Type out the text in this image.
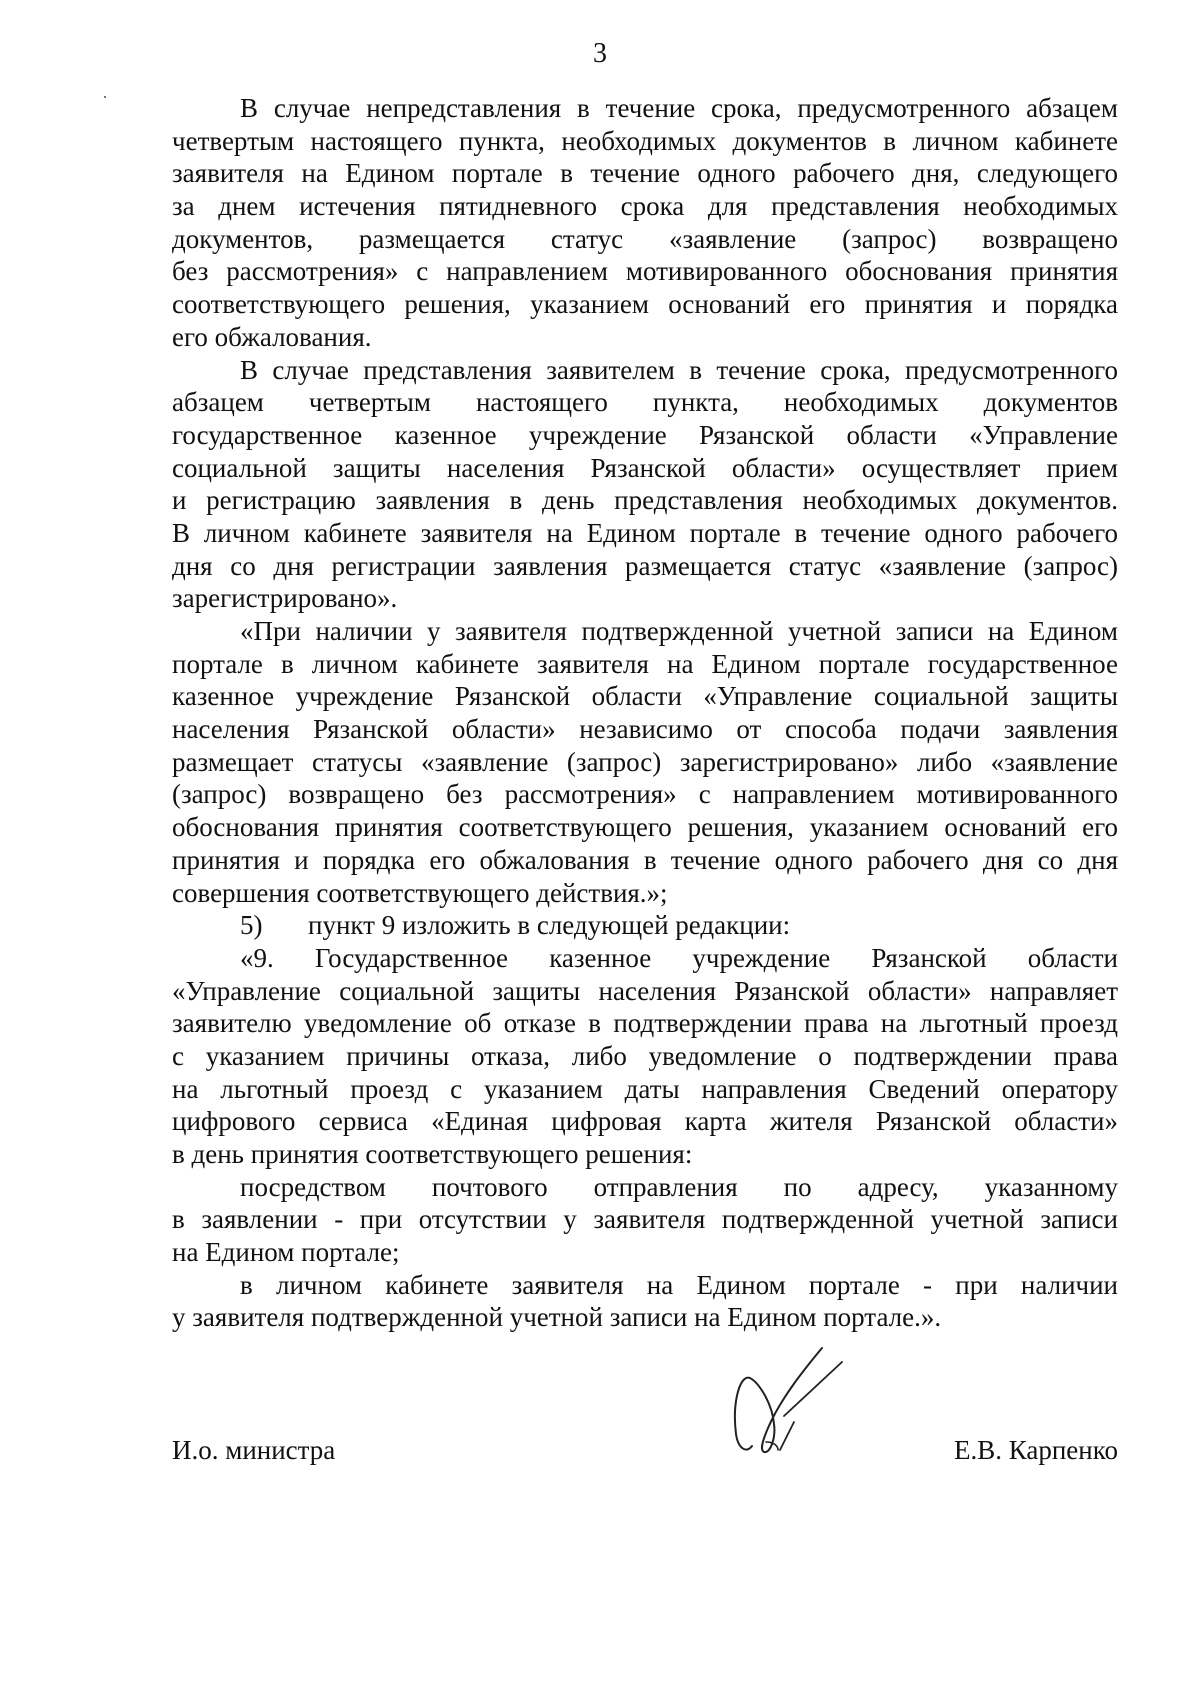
3
В случае непредставления в течение срока, предусмотренного абзацем
четвертым настоящего пункта, необходимых документов в личном кабинете
заявителя на Едином портале в течение одного рабочего дня, следующего
за днем истечения пятидневного срока для представления необходимых
документов, размещается статус «заявление (запрос) возвращено
без рассмотрения» с направлением мотивированного обоснования принятия
соответствующего решения, указанием оснований его принятия и порядка
его обжалования.
В случае представления заявителем в течение срока, предусмотренного
абзацем четвертым настоящего пункта, необходимых документов
государственное казенное учреждение Рязанской области «Управление
социальной защиты населения Рязанской области» осуществляет прием
и регистрацию заявления в день представления необходимых документов.
В личном кабинете заявителя на Едином портале в течение одного рабочего
дня со дня регистрации заявления размещается статус «заявление (запрос)
зарегистрировано».
«При наличии у заявителя подтвержденной учетной записи на Едином
портале в личном кабинете заявителя на Едином портале государственное
казенное учреждение Рязанской области «Управление социальной защиты
населения Рязанской области» независимо от способа подачи заявления
размещает статусы «заявление (запрос) зарегистрировано» либо «заявление
(запрос) возвращено без рассмотрения» с направлением мотивированного
обоснования принятия соответствующего решения, указанием оснований его
принятия и порядка его обжалования в течение одного рабочего дня со дня
совершения соответствующего действия.»;
5) пункт 9 изложить в следующей редакции:
«9. Государственное казенное учреждение Рязанской области
«Управление социальной защиты населения Рязанской области» направляет
заявителю уведомление об отказе в подтверждении права на льготный проезд
с указанием причины отказа, либо уведомление о подтверждении права
на льготный проезд с указанием даты направления Сведений оператору
цифрового сервиса «Единая цифровая карта жителя Рязанской области»
в день принятия соответствующего решения:
посредством почтового отправления по адресу, указанному
в заявлении - при отсутствии у заявителя подтвержденной учетной записи
на Едином портале;
в личном кабинете заявителя на Едином портале - при наличии
у заявителя подтвержденной учетной записи на Едином портале.».
И.о. министра	Е.В. Карпенко
